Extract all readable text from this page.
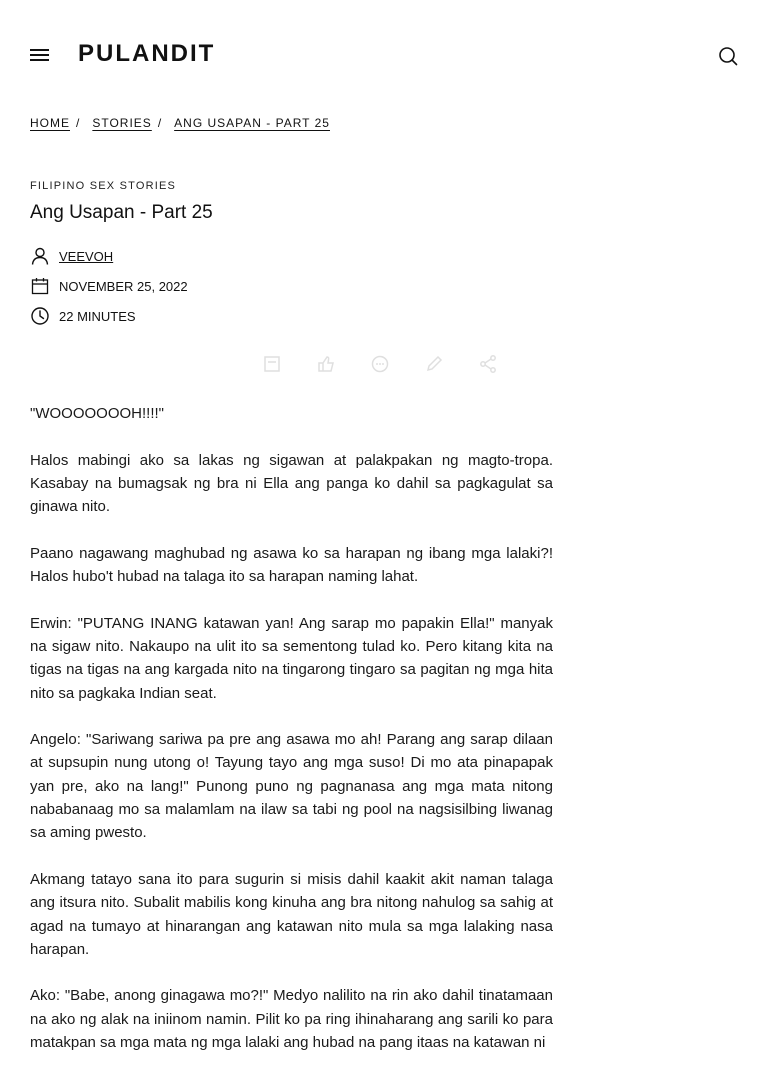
PULANDIT
HOME / STORIES / ANG USAPAN - PART 25
FILIPINO SEX STORIES
Ang Usapan - Part 25
VEEVOH
NOVEMBER 25, 2022
22 MINUTES

"WOOOOOOOH!!!!"

Halos mabingi ako sa lakas ng sigawan at palakpakan ng magto-tropa. Kasabay na bumagsak ng bra ni Ella ang panga ko dahil sa pagkagulat sa ginawa nito.

Paano nagawang maghubad ng asawa ko sa harapan ng ibang mga lalaki?! Halos hubo't hubad na talaga ito sa harapan naming lahat.

Erwin: "PUTANG INANG katawan yan! Ang sarap mo papakin Ella!" manyak na sigaw nito. Nakaupo na ulit ito sa sementong tulad ko. Pero kitang kita na tigas na tigas na ang kargada nito na tingarong tingaro sa pagitan ng mga hita nito sa pagkaka Indian seat.

Angelo: "Sariwang sariwa pa pre ang asawa mo ah! Parang ang sarap dilaan at supsupin nung utong o! Tayung tayo ang mga suso! Di mo ata pinapapak yan pre, ako na lang!" Punong puno ng pagnanasa ang mga mata nitong nababanaag mo sa malamlam na ilaw sa tabi ng pool na nagsisilbing liwanag sa aming pwesto.

Akmang tatayo sana ito para sugurin si misis dahil kaakit akit naman talaga ang itsura nito. Subalit mabilis kong kinuha ang bra nitong nahulog sa sahig at agad na tumayo at hinarangan ang katawan nito mula sa mga lalaking nasa harapan.

Ako: "Babe, anong ginagawa mo?!" Medyo nalilito na rin ako dahil tinatamaan na ako ng alak na iniinom namin. Pilit ko pa ring ihinaharang ang sarili ko para matakpan sa mga mata ng mga lalaki ang hubad na pang itaas na katawan ni
